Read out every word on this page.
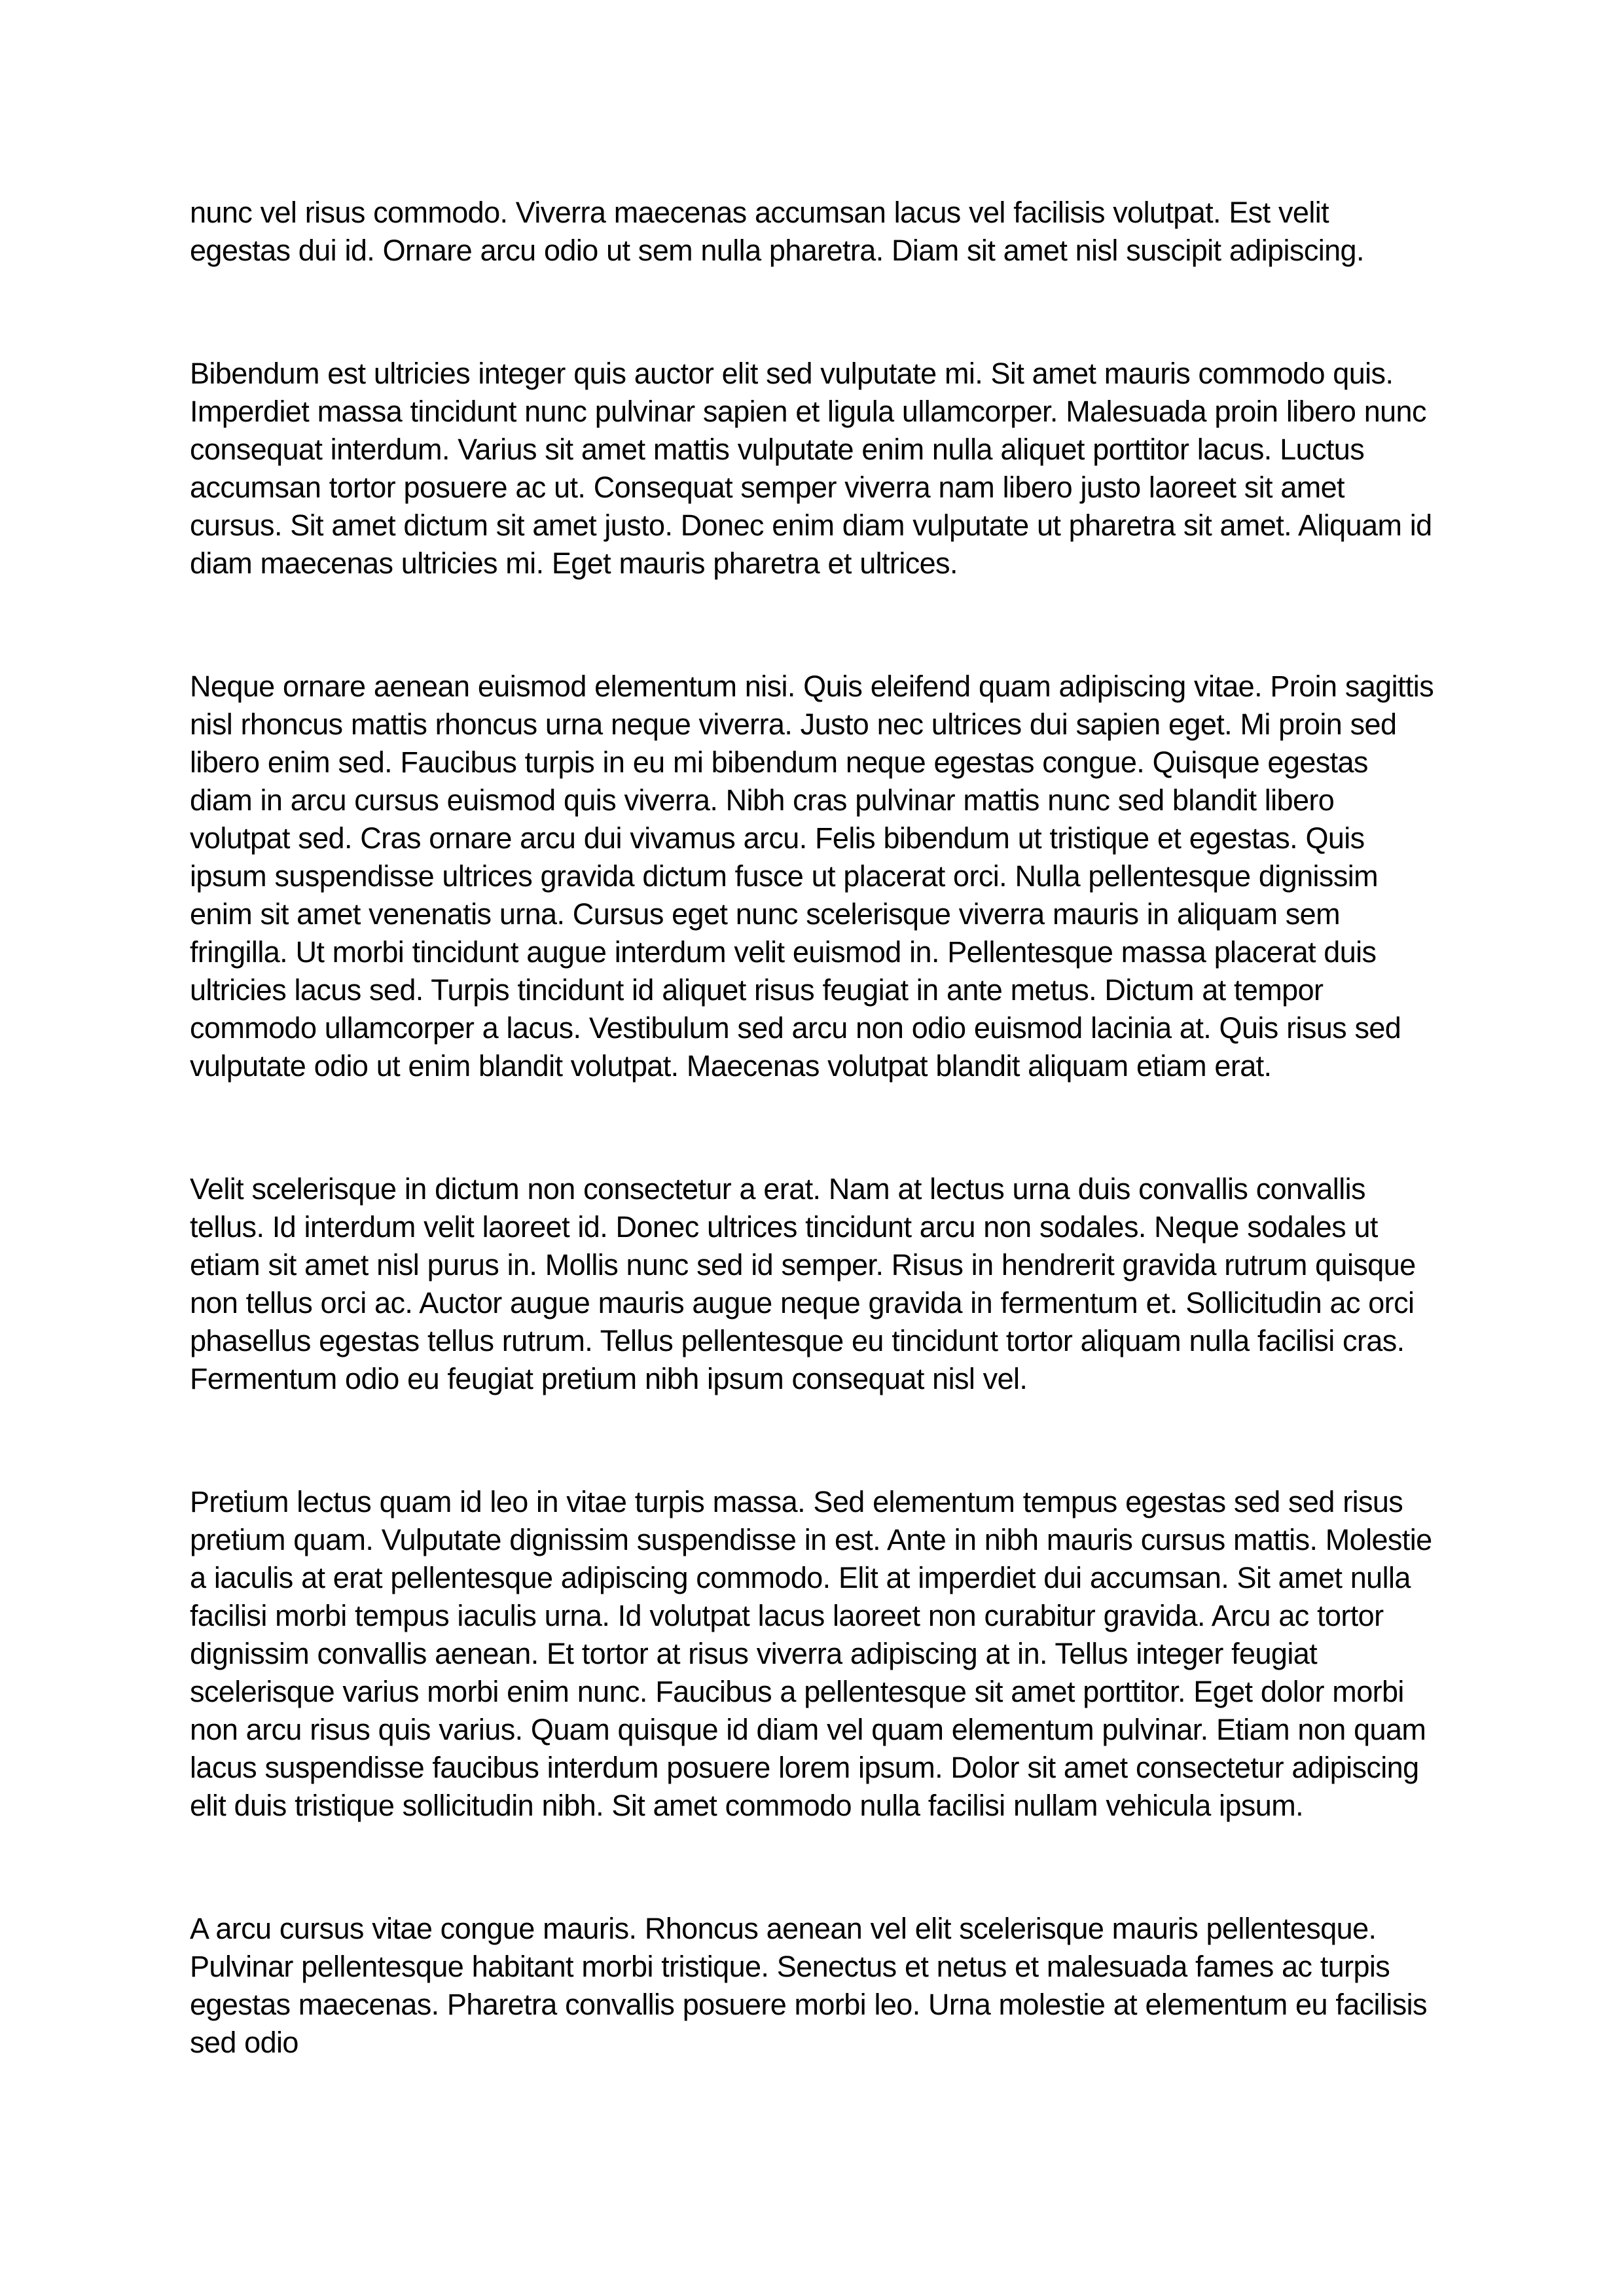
nunc vel risus commodo. Viverra maecenas accumsan lacus vel facilisis volutpat. Est velit egestas dui id. Ornare arcu odio ut sem nulla pharetra. Diam sit amet nisl suscipit adipiscing.

Bibendum est ultricies integer quis auctor elit sed vulputate mi. Sit amet mauris commodo quis. Imperdiet massa tincidunt nunc pulvinar sapien et ligula ullamcorper. Malesuada proin libero nunc consequat interdum. Varius sit amet mattis vulputate enim nulla aliquet porttitor lacus. Luctus accumsan tortor posuere ac ut. Consequat semper viverra nam libero justo laoreet sit amet cursus. Sit amet dictum sit amet justo. Donec enim diam vulputate ut pharetra sit amet. Aliquam id diam maecenas ultricies mi. Eget mauris pharetra et ultrices.

Neque ornare aenean euismod elementum nisi. Quis eleifend quam adipiscing vitae. Proin sagittis nisl rhoncus mattis rhoncus urna neque viverra. Justo nec ultrices dui sapien eget. Mi proin sed libero enim sed. Faucibus turpis in eu mi bibendum neque egestas congue. Quisque egestas diam in arcu cursus euismod quis viverra. Nibh cras pulvinar mattis nunc sed blandit libero volutpat sed. Cras ornare arcu dui vivamus arcu. Felis bibendum ut tristique et egestas. Quis ipsum suspendisse ultrices gravida dictum fusce ut placerat orci. Nulla pellentesque dignissim enim sit amet venenatis urna. Cursus eget nunc scelerisque viverra mauris in aliquam sem fringilla. Ut morbi tincidunt augue interdum velit euismod in. Pellentesque massa placerat duis ultricies lacus sed. Turpis tincidunt id aliquet risus feugiat in ante metus. Dictum at tempor commodo ullamcorper a lacus. Vestibulum sed arcu non odio euismod lacinia at. Quis risus sed vulputate odio ut enim blandit volutpat. Maecenas volutpat blandit aliquam etiam erat.

Velit scelerisque in dictum non consectetur a erat. Nam at lectus urna duis convallis convallis tellus. Id interdum velit laoreet id. Donec ultrices tincidunt arcu non sodales. Neque sodales ut etiam sit amet nisl purus in. Mollis nunc sed id semper. Risus in hendrerit gravida rutrum quisque non tellus orci ac. Auctor augue mauris augue neque gravida in fermentum et. Sollicitudin ac orci phasellus egestas tellus rutrum. Tellus pellentesque eu tincidunt tortor aliquam nulla facilisi cras. Fermentum odio eu feugiat pretium nibh ipsum consequat nisl vel.

Pretium lectus quam id leo in vitae turpis massa. Sed elementum tempus egestas sed sed risus pretium quam. Vulputate dignissim suspendisse in est. Ante in nibh mauris cursus mattis. Molestie a iaculis at erat pellentesque adipiscing commodo. Elit at imperdiet dui accumsan. Sit amet nulla facilisi morbi tempus iaculis urna. Id volutpat lacus laoreet non curabitur gravida. Arcu ac tortor dignissim convallis aenean. Et tortor at risus viverra adipiscing at in. Tellus integer feugiat scelerisque varius morbi enim nunc. Faucibus a pellentesque sit amet porttitor. Eget dolor morbi non arcu risus quis varius. Quam quisque id diam vel quam elementum pulvinar. Etiam non quam lacus suspendisse faucibus interdum posuere lorem ipsum. Dolor sit amet consectetur adipiscing elit duis tristique sollicitudin nibh. Sit amet commodo nulla facilisi nullam vehicula ipsum.

A arcu cursus vitae congue mauris. Rhoncus aenean vel elit scelerisque mauris pellentesque. Pulvinar pellentesque habitant morbi tristique. Senectus et netus et malesuada fames ac turpis egestas maecenas. Pharetra convallis posuere morbi leo. Urna molestie at elementum eu facilisis sed odio
